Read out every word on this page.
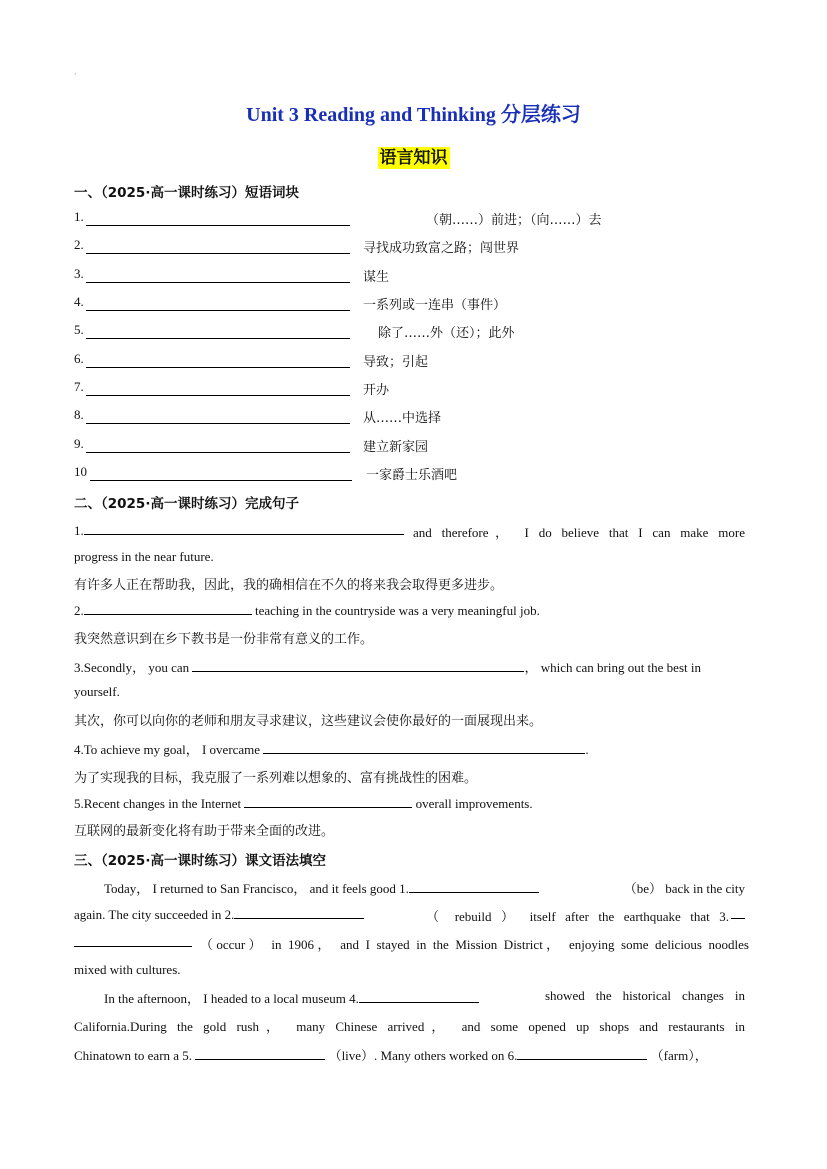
·
Unit 3 Reading and Thinking 分层练习
语言知识
一、（2025·高一课时练习）短语词块
1.	（朝……）前进；（向……）去
2.	寻找成功致富之路；闯世界
3.	谋生
4.	一系列或一连串（事件）
5.	除了……外（还）；此外
6.	导致；引起
7.	开办
8.	从……中选择
9.	建立新家园
10	一家爵士乐酒吧
二、（2025·高一课时练习）完成句子
1.	and therefore， I do believe that I can make more
progress in the near future.
有许多人正在帮助我，因此，我的确相信在不久的将来我会取得更多进步。
2.	teaching in the countryside was a very meaningful job.
我突然意识到在乡下教书是一份非常有意义的工作。
3.Secondly， you can	， which can bring out the best in
yourself.
其次，你可以向你的老师和朋友寻求建议，这些建议会使你最好的一面展现出来。
4.To achieve my goal， I overcame	.
为了实现我的目标，我克服了一系列难以想象的、富有挑战性的困难。
5.Recent changes in the Internet	overall improvements.
互联网的最新变化将有助于带来全面的改进。
三、（2025·高一课时练习）课文语法填空
Today， I returned to San Francisco， and it feels good 1.	（be） back in the city
again. The city succeeded in 2.	（ rebuild ） itself after the earthquake that 3.
（occur） in 1906， and I stayed in the Mission District， enjoying some delicious noodles
mixed with cultures.
In the afternoon， I headed to a local museum 4.	showed the historical changes in
California.During the gold rush， many Chinese arrived， and some opened up shops and restaurants in
Chinatown to earn a 5.	（live）. Many others worked on 6.	（farm），
